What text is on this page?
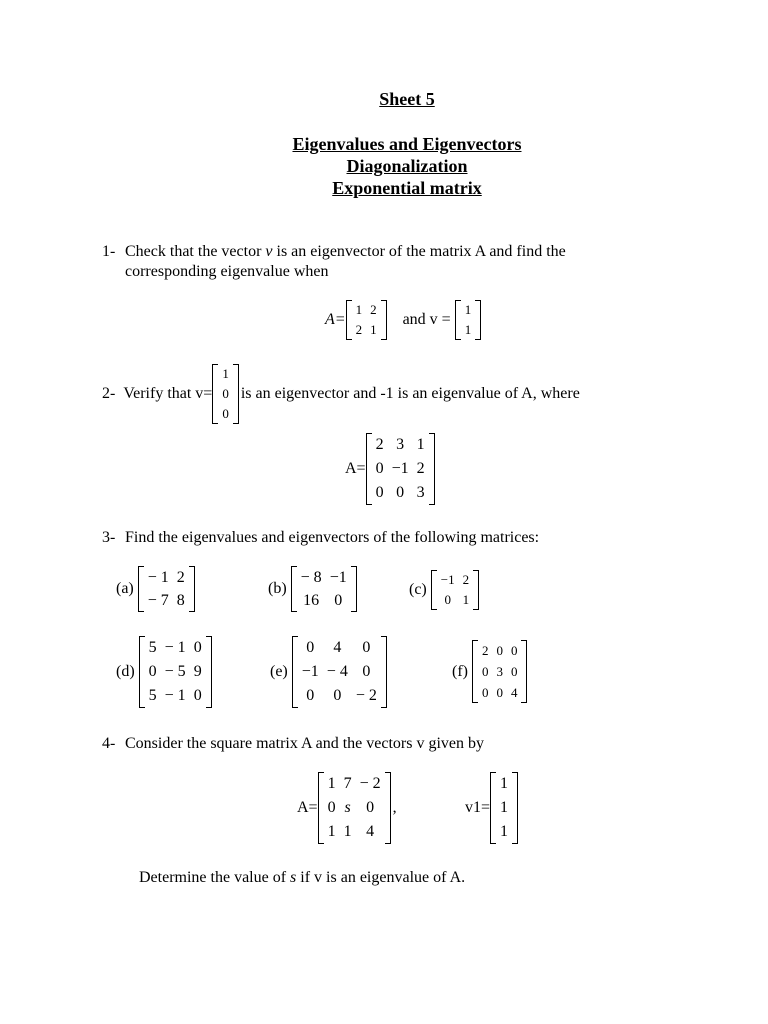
Sheet 5
Eigenvalues and Eigenvectors
Diagonalization
Exponential matrix
1- Check that the vector v is an eigenvector of the matrix A and find the
corresponding eigenvalue when
A=
1	2
2	1
and v =
1
1
2- Verify that v=
1
0
0
is an eigenvector and -1 is an eigenvalue of A, where
A=
2	3	1
0	−1	2
0	0	3
3- Find the eigenvalues and eigenvectors of the following matrices:
(a)
− 1	2
− 7	8
(b)
− 8	−1
16	0
(c)
−1	2
0	1
(d)
5	− 1	0
0	− 5	9
5	− 1	0
(e)
0	4	0
−1	− 4	0
0	0	− 2
(f)
2	0	0
0	3	0
0	0	4
4- Consider the square matrix A and the vectors v given by
A=
1	7	− 2
0	s	0
1	1	4
,	v1=
1
1
1
Determine the value of s if v is an eigenvalue of A.
